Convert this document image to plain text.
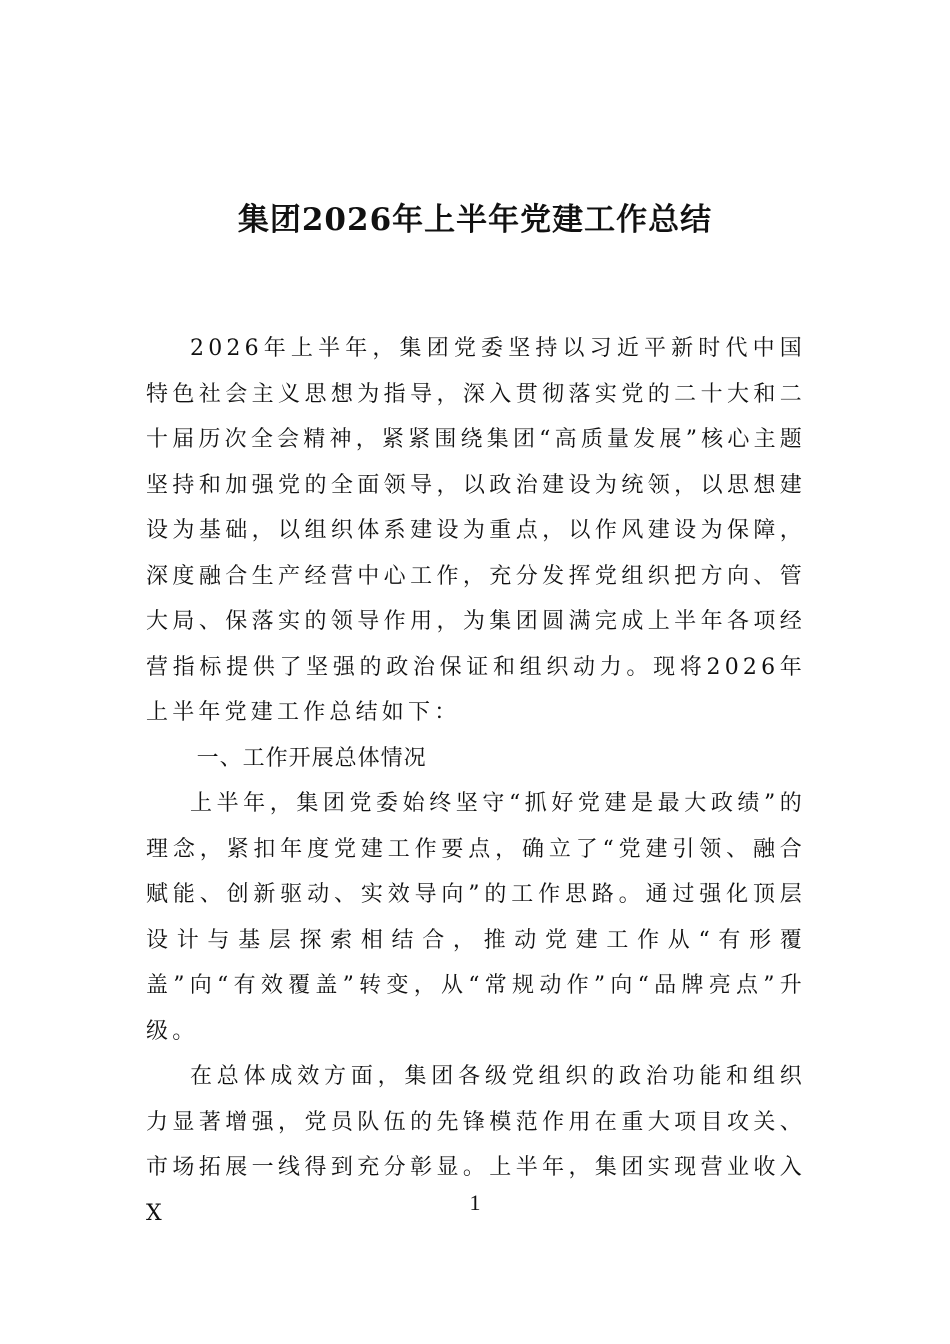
集团2026年上半年党建工作总结

2026年上半年，集团党委坚持以习近平新时代中国特色社会主义思想为指导，深入贯彻落实党的二十大和二十届历次全会精神，紧紧围绕集团“高质量发展”核心主题坚持和加强党的全面领导，以政治建设为统领，以思想建设为基础，以组织体系建设为重点，以作风建设为保障，深度融合生产经营中心工作，充分发挥党组织把方向、管大局、保落实的领导作用，为集团圆满完成上半年各项经营指标提供了坚强的政治保证和组织动力。现将2026年上半年党建工作总结如下：

一、工作开展总体情况

上半年，集团党委始终坚守“抓好党建是最大政绩”的理念，紧扣年度党建工作要点，确立了“党建引领、融合赋能、创新驱动、实效导向”的工作思路。通过强化顶层设计与基层探索相结合，推动党建工作从“有形覆盖”向“有效覆盖”转变，从“常规动作”向“品牌亮点”升级。

在总体成效方面，集团各级党组织的政治功能和组织力显著增强，党员队伍的先锋模范作用在重大项目攻关、市场拓展一线得到充分彰显。上半年，集团实现营业收入X	1
